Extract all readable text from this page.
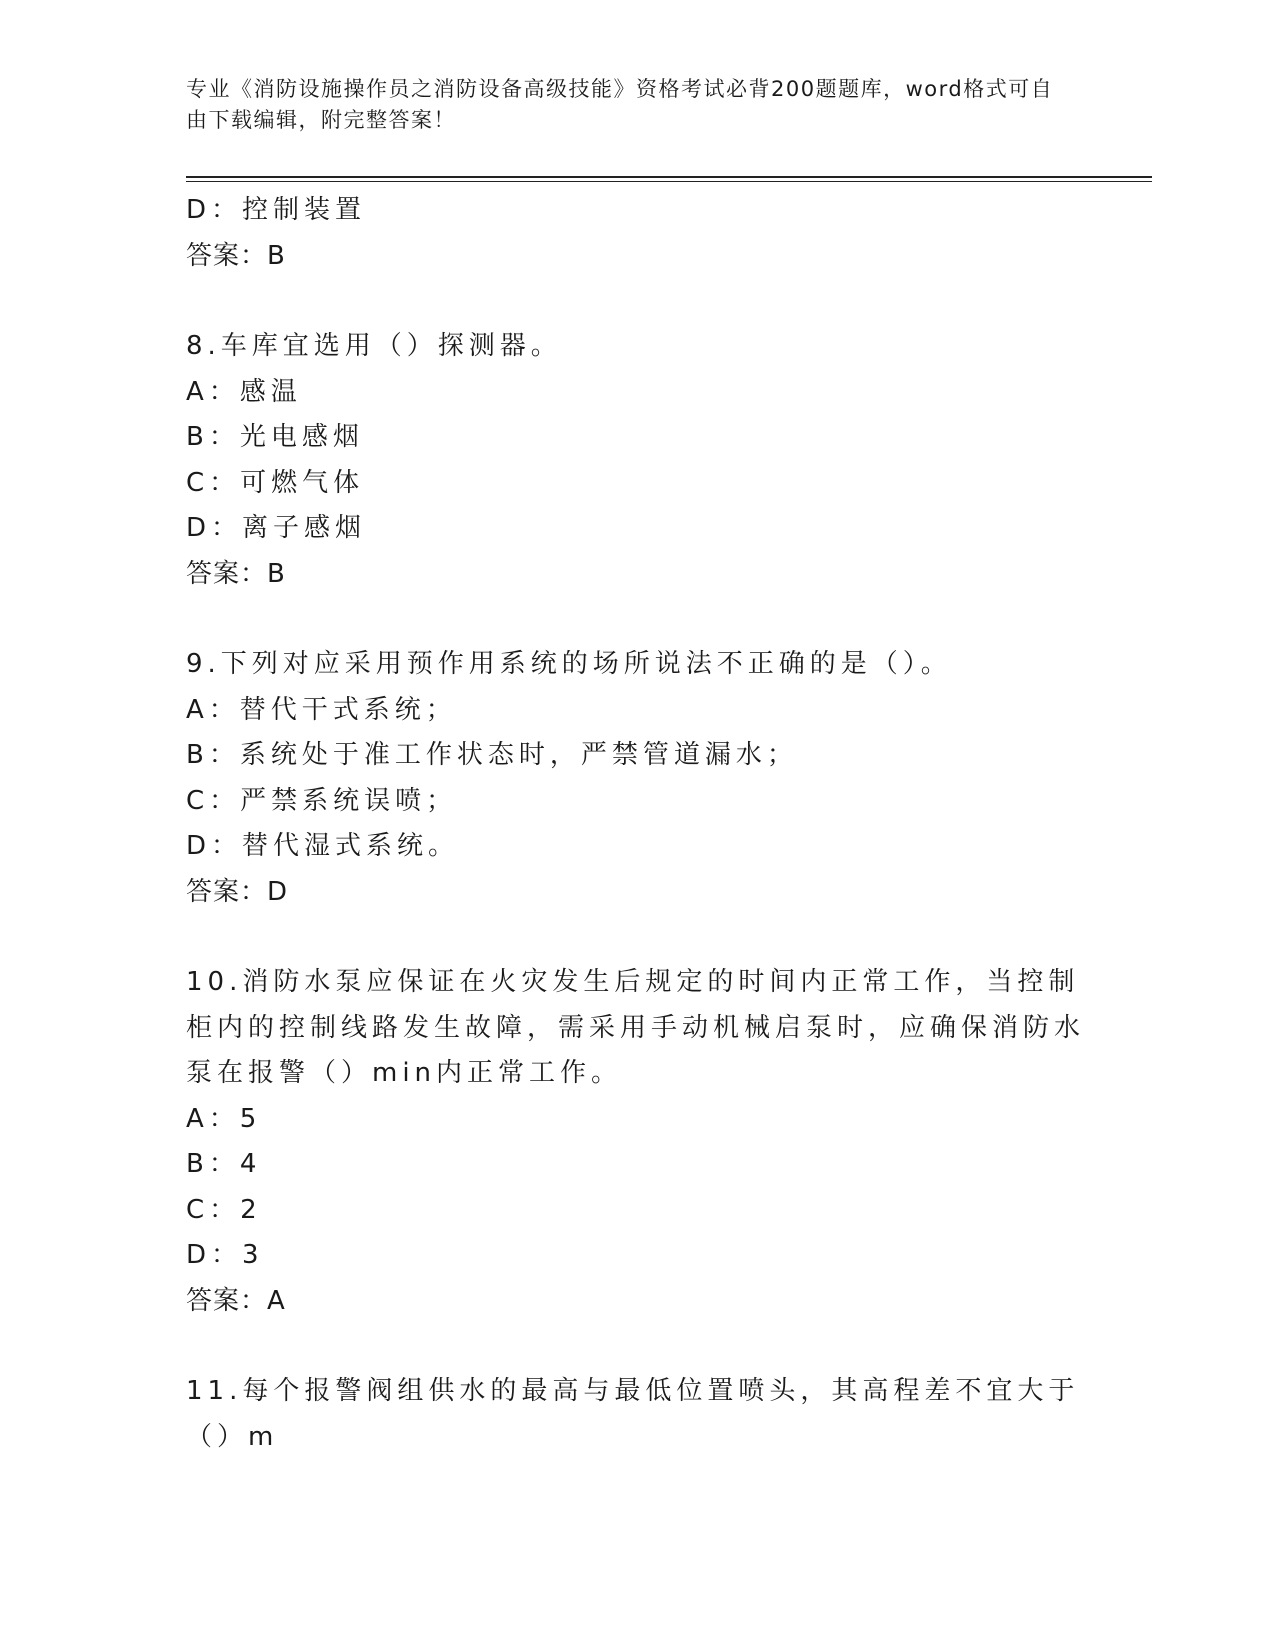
专业《消防设施操作员之消防设备高级技能》资格考试必背200题题库，word格式可自由下载编辑，附完整答案！
D：控制装置
答案：B
8.车库宜选用（）探测器。
A：感温
B：光电感烟
C：可燃气体
D：离子感烟
答案：B
9.下列对应采用预作用系统的场所说法不正确的是（）。
A：替代干式系统；
B：系统处于准工作状态时，严禁管道漏水；
C：严禁系统误喷；
D：替代湿式系统。
答案：D
10.消防水泵应保证在火灾发生后规定的时间内正常工作，当控制柜内的控制线路发生故障，需采用手动机械启泵时，应确保消防水泵在报警（）min内正常工作。
A：5
B：4
C：2
D：3
答案：A
11.每个报警阀组供水的最高与最低位置喷头，其高程差不宜大于（）m
